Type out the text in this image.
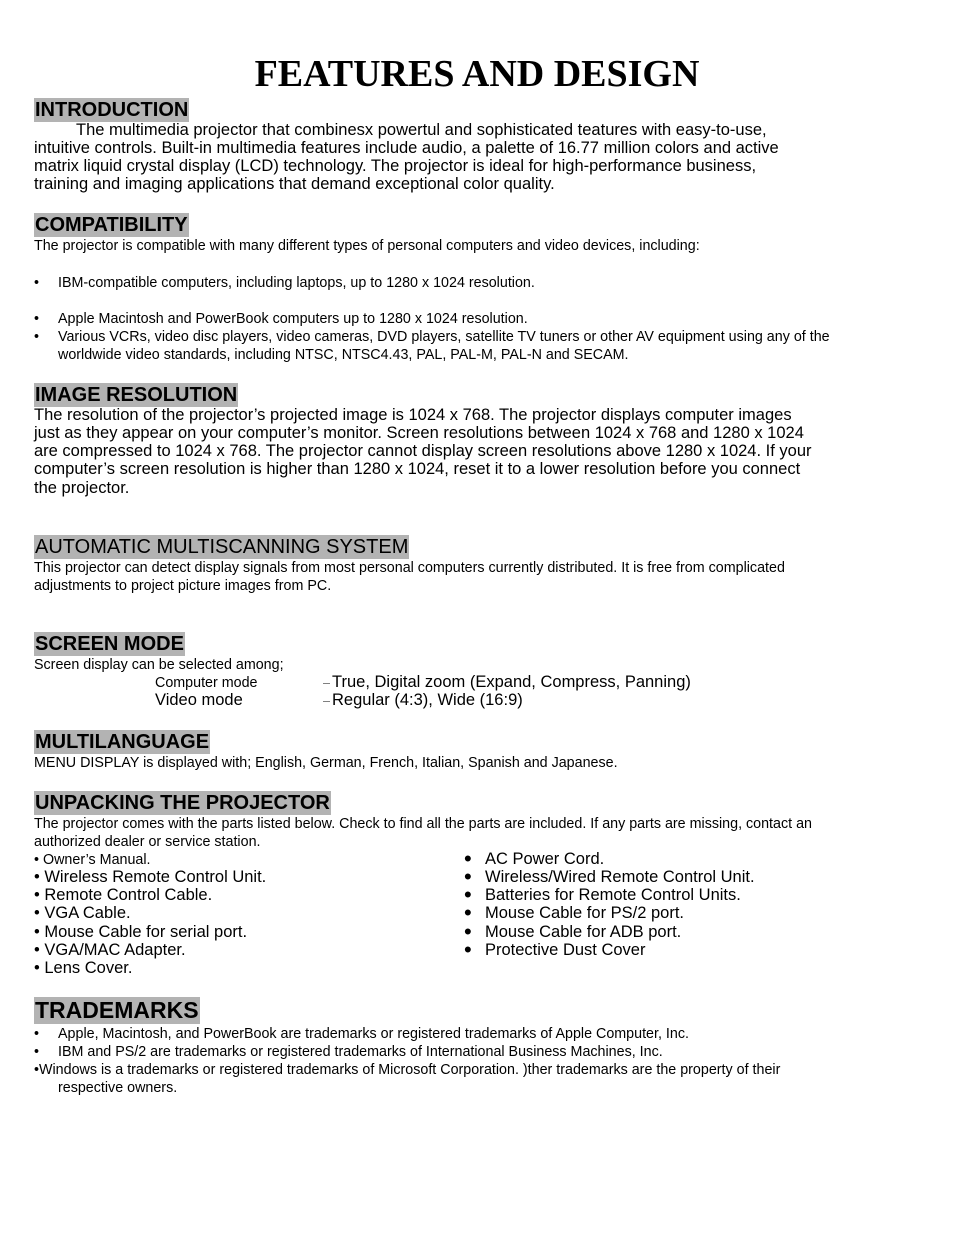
FEATURES AND DESIGN
INTRODUCTION
The multimedia projector that combinesx powertul and sophisticated teatures with easy-to-use,
intuitive controls. Built-in multimedia features include audio, a palette of 16.77 million colors and active
matrix liquid crystal display (LCD) technology. The projector is ideal for high-performance business,
training and imaging applications that demand exceptional color quality.
COMPATIBILITY
The projector is compatible with many different types of personal computers and video devices, including:
• IBM-compatible computers, including laptops, up to 1280 x 1024 resolution.
• Apple Macintosh and PowerBook computers up to 1280 x 1024 resolution.
• Various VCRs, video disc players, video cameras, DVD players, satellite TV tuners or other AV equipment using any of the
worldwide video standards, including NTSC, NTSC4.43, PAL, PAL-M, PAL-N and SECAM.
IMAGE RESOLUTION
The resolution of the projector’s projected image is 1024 x 768. The projector displays computer images
just as they appear on your computer’s monitor. Screen resolutions between 1024 x 768 and 1280 x 1024
are compressed to 1024 x 768. The projector cannot display screen resolutions above 1280 x 1024. If your
computer’s screen resolution is higher than 1280 x 1024, reset it to a lower resolution before you connect
the projector.
AUTOMATIC MULTISCANNING SYSTEM
This projector can detect display signals from most personal computers currently distributed. It is free from complicated
adjustments to project picture images from PC.
SCREEN MODE
Screen display can be selected among;
Computer mode	— True, Digital zoom (Expand, Compress, Panning)
Video mode	— Regular (4:3), Wide (16:9)
MULTILANGUAGE
MENU DISPLAY is displayed with; English, German, French, Italian, Spanish and Japanese.
UNPACKING THE PROJECTOR
The projector comes with the parts listed below. Check to find all the parts are included. If any parts are missing, contact an
authorized dealer or service station.
• Owner’s Manual.
• Wireless Remote Control Unit.
• Remote Control Cable.
• VGA Cable.
• Mouse Cable for serial port.
• VGA/MAC Adapter.
• Lens Cover.
• AC Power Cord.
• Wireless/Wired Remote Control Unit.
• Batteries for Remote Control Units.
• Mouse Cable for PS/2 port.
• Mouse Cable for ADB port.
• Protective Dust Cover
TRADEMARKS
• Apple, Macintosh, and PowerBook are trademarks or registered trademarks of Apple Computer, Inc.
• IBM and PS/2 are trademarks or registered trademarks of International Business Machines, Inc.
•Windows is a trademarks or registered trademarks of Microsoft Corporation. )ther trademarks are the property of their
respective owners.
